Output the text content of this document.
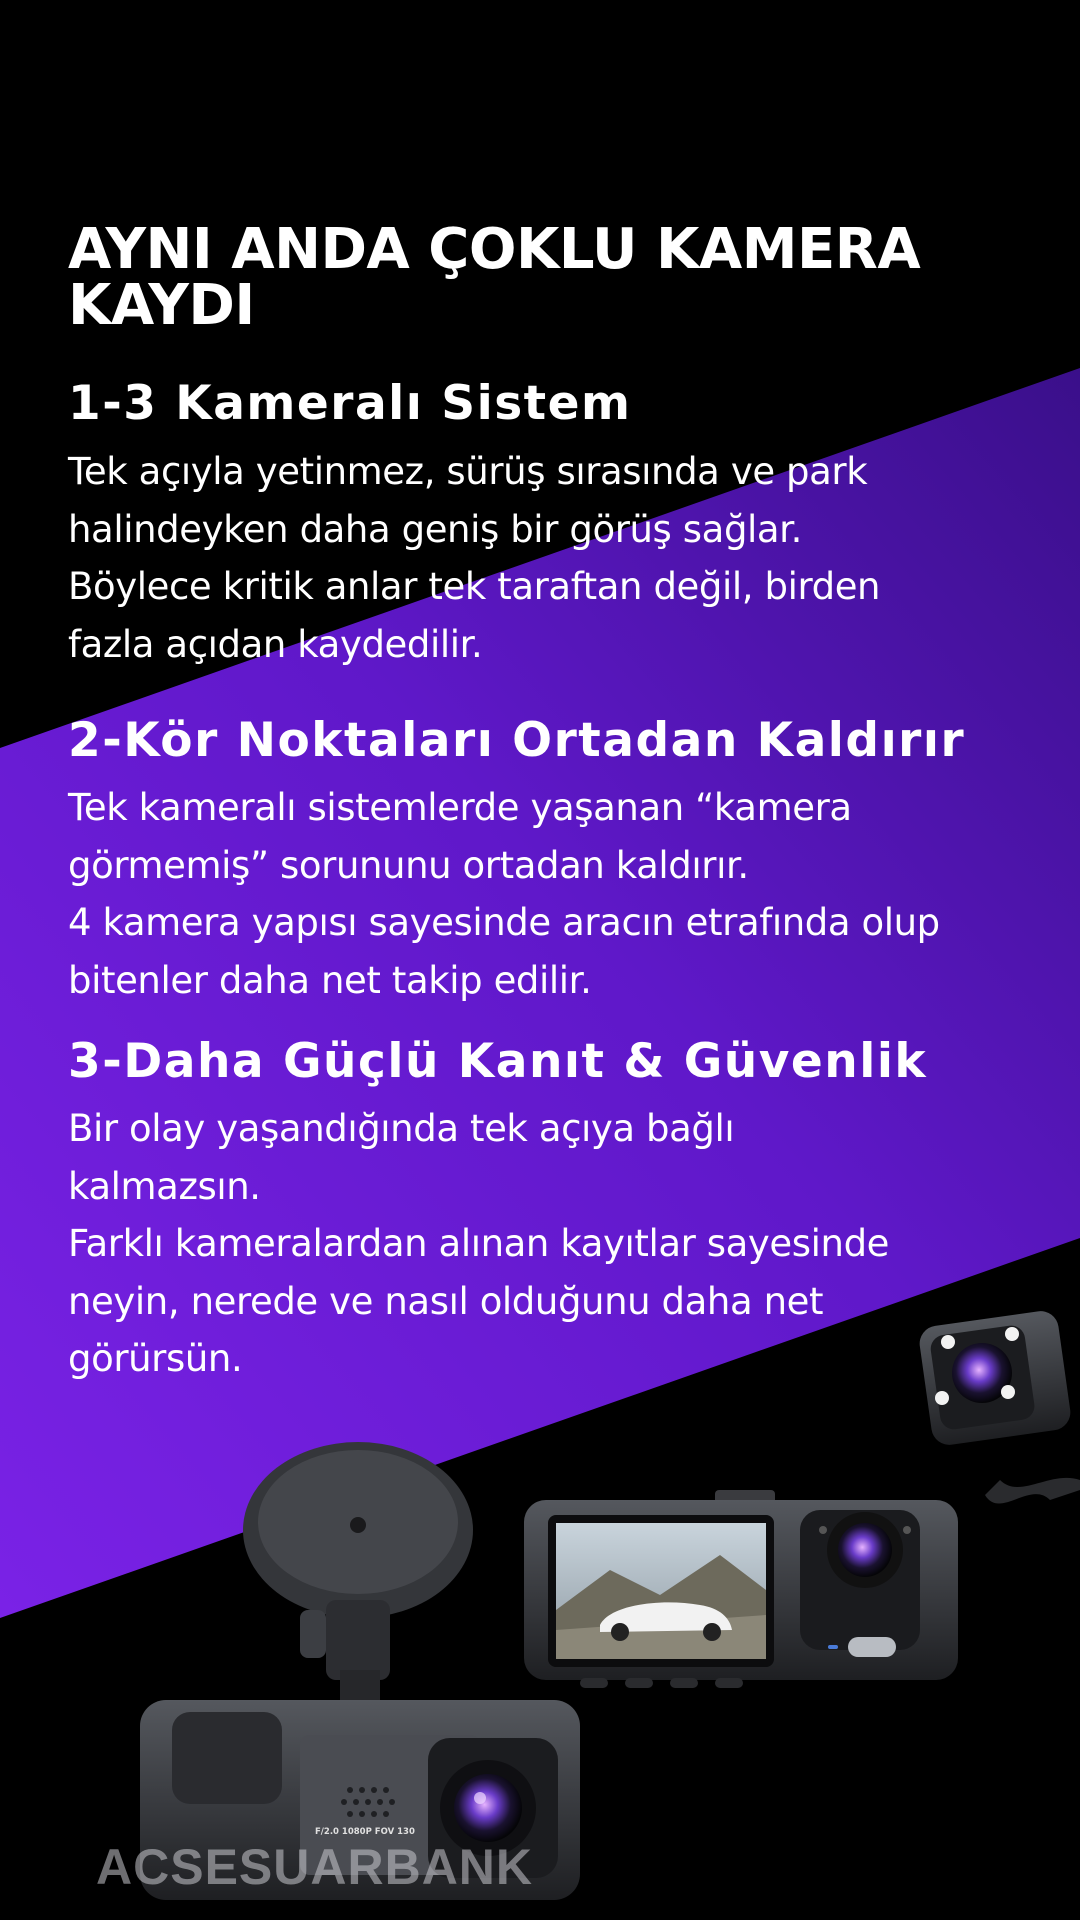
AYNI ANDA ÇOKLU KAMERA KAYDI
1-3 Kameralı Sistem

Tek açıyla yetinmez, sürüş sırasında ve park
halindeyken daha geniş bir görüş sağlar.
Böylece kritik anlar tek taraftan değil, birden
fazla açıdan kaydedilir.

2-Kör Noktaları Ortadan Kaldırır

Tek kameralı sistemlerde yaşanan “kamera
görmemiş” sorununu ortadan kaldırır.
4 kamera yapısı sayesinde aracın etrafında olup
bitenler daha net takip edilir.

3-Daha Güçlü Kanıt & Güvenlik

Bir olay yaşandığında tek açıya bağlı
kalmazsın.
Farklı kameralardan alınan kayıtlar sayesinde
neyin, nerede ve nasıl olduğunu daha net
görürsün.

F/2.0 1080P FOV 130

ACSESUARBANK
